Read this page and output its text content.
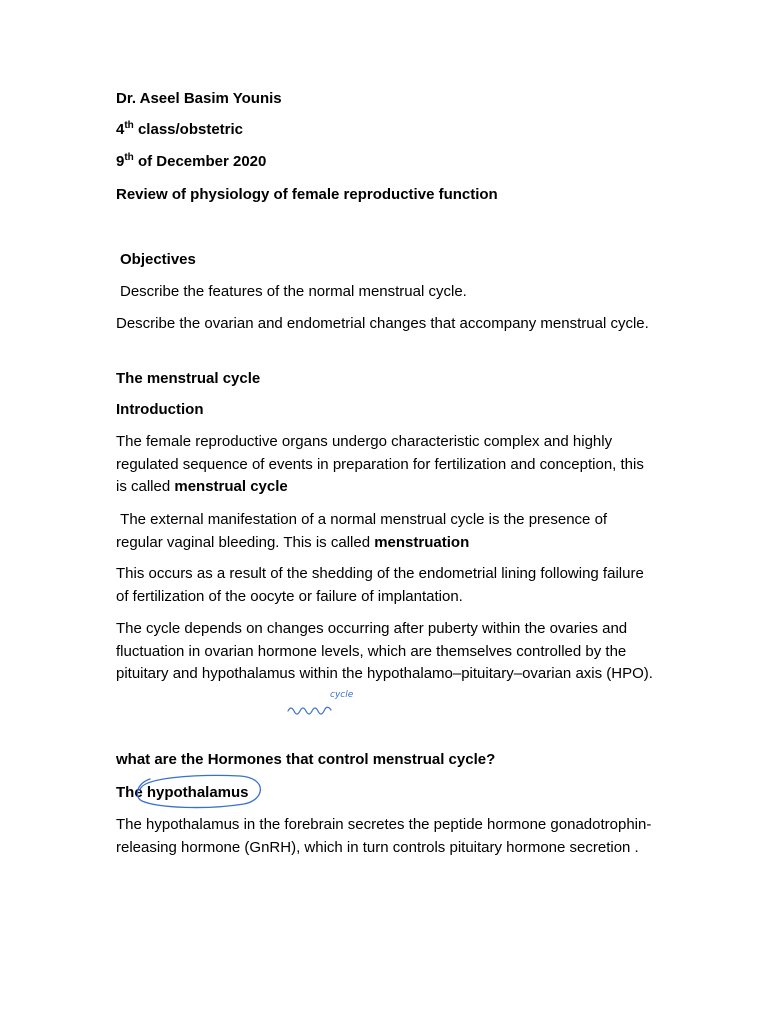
Dr. Aseel Basim Younis

4th class/obstetric

9th of December 2020

Review of physiology of female reproductive function

Objectives

Describe the features of the normal menstrual cycle.

Describe the ovarian and endometrial changes that accompany menstrual cycle.

The menstrual cycle

Introduction

The female reproductive organs undergo characteristic complex and highly regulated sequence of events in preparation for fertilization and conception, this is called menstrual cycle

The external manifestation of a normal menstrual cycle is the presence of regular vaginal bleeding. This is called menstruation

This occurs as a result of the shedding of the endometrial lining following failure of fertilization of the oocyte or failure of implantation.

The cycle depends on changes occurring after puberty within the ovaries and fluctuation in ovarian hormone levels, which are themselves controlled by the pituitary and hypothalamus within the hypothalamo–pituitary–ovarian axis (HPO).

what are the Hormones that control menstrual cycle?

The hypothalamus

The hypothalamus in the forebrain secretes the peptide hormone gonadotrophin-releasing hormone (GnRH), which in turn controls pituitary hormone secretion .

cycle
